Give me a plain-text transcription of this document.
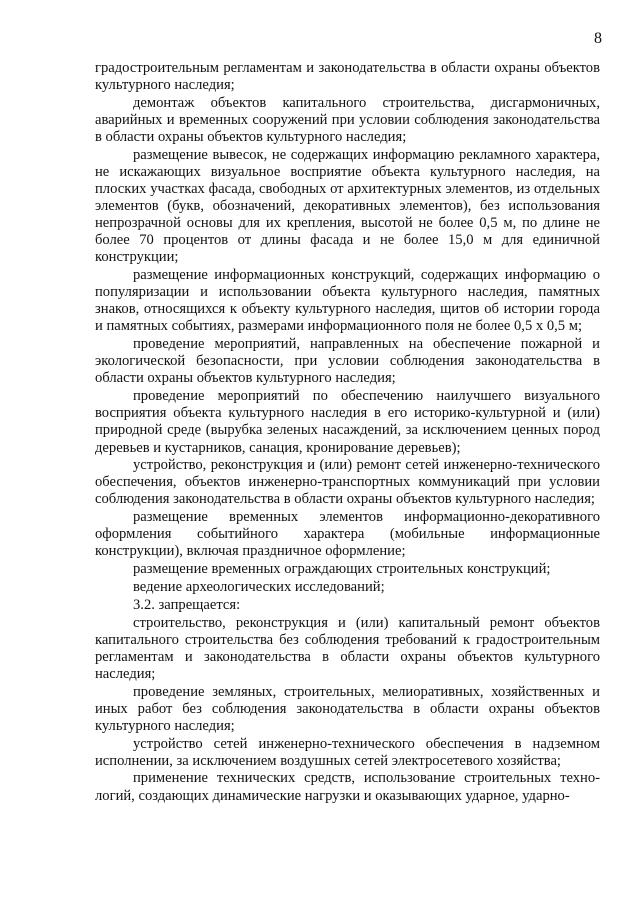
8

градостроительным регламентам и законодательства в области охраны объектов культурного наследия;

демонтаж объектов капитального строительства, дисгармоничных, аварийных и временных сооружений при условии соблюдения законодательства в области охраны объектов культурного наследия;

размещение вывесок, не содержащих информацию рекламного характера, не искажающих визуальное восприятие объекта культурного наследия, на плоских участках фасада, свободных от архитектурных элементов, из отдельных элементов (букв, обозначений, декоративных элементов), без использования непрозрачной основы для их крепления, высотой не более 0,5 м, по длине не более 70 процентов от длины фасада и не более 15,0 м для единичной конструкции;

размещение информационных конструкций, содержащих информацию о популяризации и использовании объекта культурного наследия, памятных знаков, относящихся к объекту культурного наследия, щитов об истории города и памятных событиях, размерами информационного поля не более 0,5 х 0,5 м;

проведение мероприятий, направленных на обеспечение пожарной и экологической безопасности, при условии соблюдения законодательства в области охраны объектов культурного наследия;

проведение мероприятий по обеспечению наилучшего визуального восприятия объекта культурного наследия в его историко-культурной и (или) природной среде (вырубка зеленых насаждений, за исключением ценных пород деревьев и кустарников, санация, кронирование деревьев);

устройство, реконструкция и (или) ремонт сетей инженерно-технического обеспечения, объектов инженерно-транспортных коммуникаций при условии соблюдения законодательства в области охраны объектов культурного наследия;

размещение временных элементов информационно-декоративного оформления событийного характера (мобильные информационные конструкции), включая праздничное оформление;

размещение временных ограждающих строительных конструкций;

ведение археологических исследований;

3.2. запрещается:

строительство, реконструкция и (или) капитальный ремонт объектов капитального строительства без соблюдения требований к градостроительным регламентам и законодательства в области охраны объектов культурного наследия;

проведение земляных, строительных, мелиоративных, хозяйственных и иных работ без соблюдения законодательства в области охраны объектов культурного наследия;

устройство сетей инженерно-технического обеспечения в надземном исполнении, за исключением воздушных сетей электросетевого хозяйства;

применение технических средств, использование строительных техно-логий, создающих динамические нагрузки и оказывающих ударное, ударно-
